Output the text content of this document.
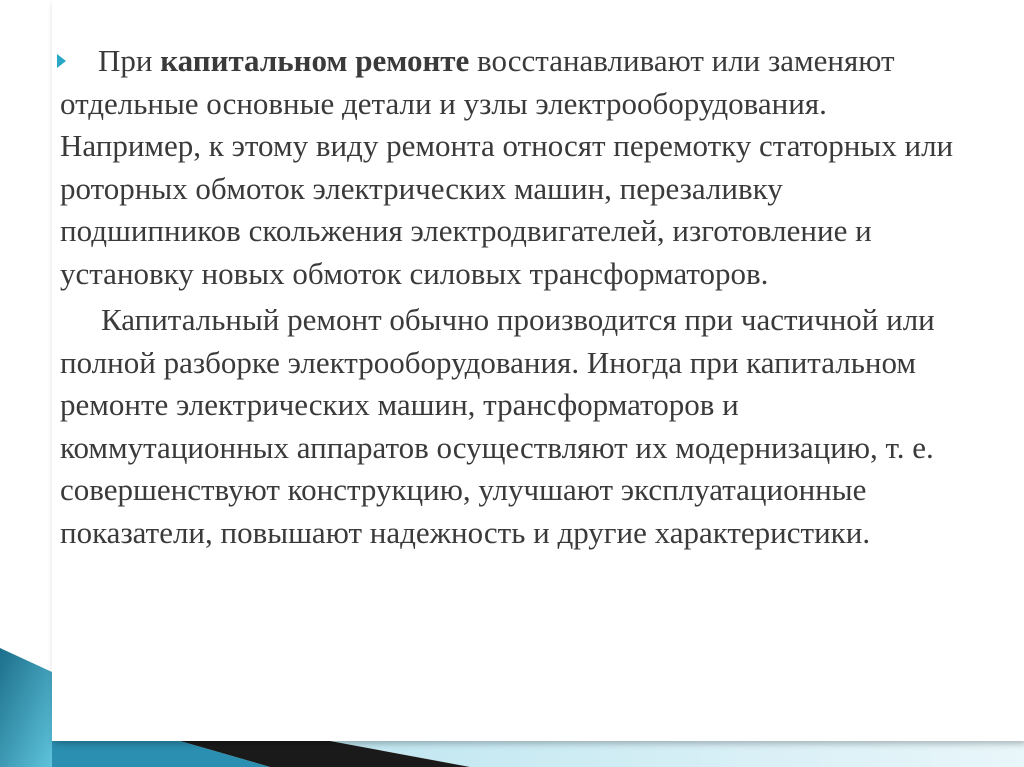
При капитальном ремонте восстанавливают или заменяют отдельные основные детали и узлы электрооборудования. Например, к этому виду ремонта относят перемотку статорных или роторных обмоток электрических машин, перезаливку подшипников скольжения электродвигателей, изготовление и установку новых обмоток силовых трансформаторов.

Капитальный ремонт обычно производится при частичной или полной разборке электрооборудования. Иногда при капитальном ремонте электрических машин, трансформаторов и коммутационных аппаратов осуществляют их модернизацию, т. е. совершенствуют конструкцию, улучшают эксплуатационные показатели, повышают надежность и другие характеристики.
